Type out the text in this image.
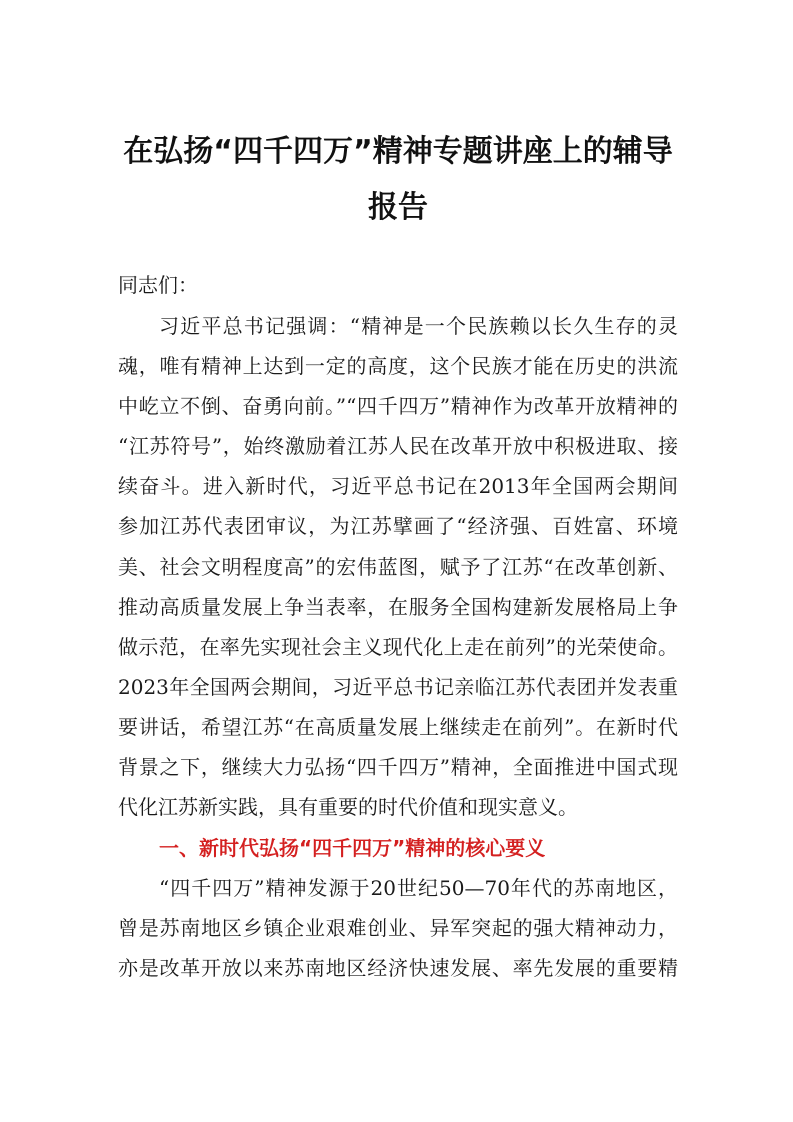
在弘扬“四千四万”精神专题讲座上的辅导
报告
同志们：
习近平总书记强调：“精神是一个民族赖以长久生存的灵
魂，唯有精神上达到一定的高度，这个民族才能在历史的洪流
中屹立不倒、奋勇向前。”“四千四万”精神作为改革开放精神的
“江苏符号”，始终激励着江苏人民在改革开放中积极进取、接
续奋斗。进入新时代，习近平总书记在2013年全国两会期间
参加江苏代表团审议，为江苏擘画了“经济强、百姓富、环境
美、社会文明程度高”的宏伟蓝图，赋予了江苏“在改革创新、
推动高质量发展上争当表率，在服务全国构建新发展格局上争
做示范，在率先实现社会主义现代化上走在前列”的光荣使命。
2023年全国两会期间，习近平总书记亲临江苏代表团并发表重
要讲话，希望江苏“在高质量发展上继续走在前列”。在新时代
背景之下，继续大力弘扬“四千四万”精神，全面推进中国式现
代化江苏新实践，具有重要的时代价值和现实意义。
一、新时代弘扬“四千四万”精神的核心要义
“四千四万”精神发源于20世纪50—70年代的苏南地区，
曾是苏南地区乡镇企业艰难创业、异军突起的强大精神动力，
亦是改革开放以来苏南地区经济快速发展、率先发展的重要精
